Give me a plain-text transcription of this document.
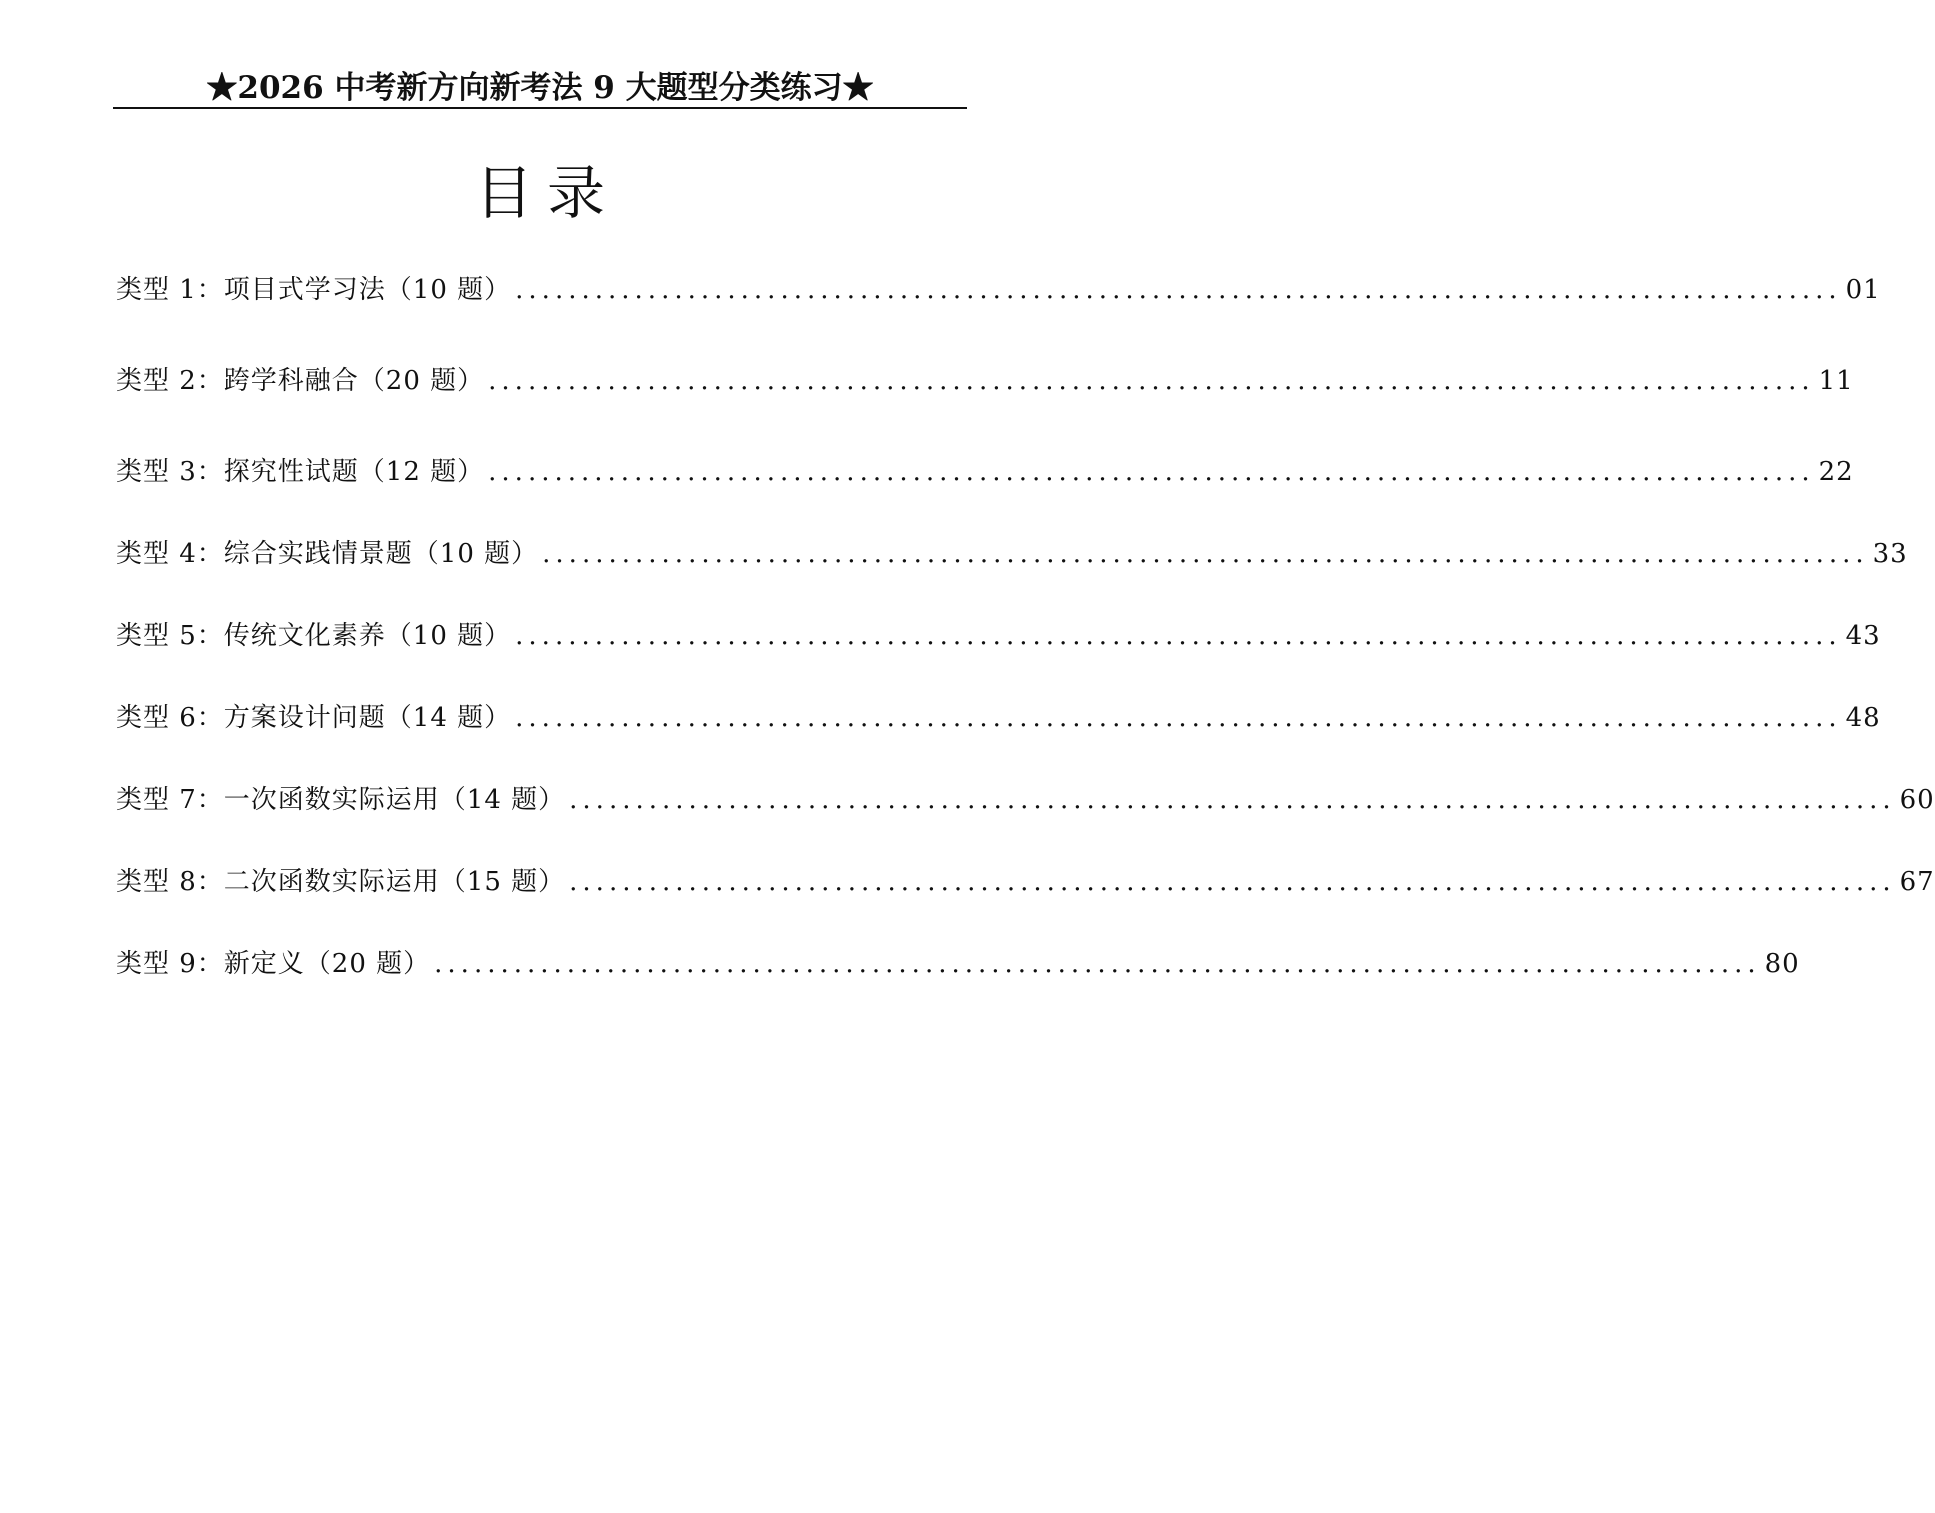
★2026 中考新方向新考法 9 大题型分类练习★
目录
类型 1：项目式学习法（10 题） .................................................................................................... 01
类型 2：跨学科融合（20 题） .................................................................................................... 11
类型 3：探究性试题（12 题） .................................................................................................... 22
类型 4：综合实践情景题（10 题） .................................................................................................... 33
类型 5：传统文化素养（10 题） .................................................................................................... 43
类型 6：方案设计问题（14 题） .................................................................................................... 48
类型 7：一次函数实际运用（14 题） .................................................................................................... 60
类型 8：二次函数实际运用（15 题） .................................................................................................... 67
类型 9：新定义（20 题） .................................................................................................... 80
